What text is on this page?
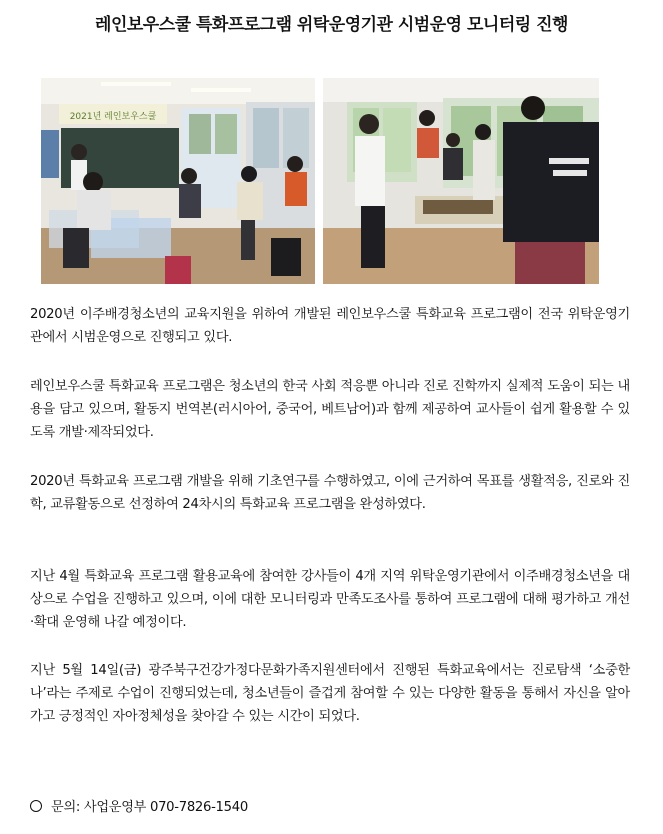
레인보우스쿨 특화프로그램 위탁운영기관 시범운영 모니터링 진행
2021년 레인보우스쿨

2020년 이주배경청소년의 교육지원을 위하여 개발된 레인보우스쿨 특화교육 프로그램이 전국 위탁운영기관에서 시범운영으로 진행되고 있다.

레인보우스쿨 특화교육 프로그램은 청소년의 한국 사회 적응뿐 아니라 진로 진학까지 실제적 도움이 되는 내용을 담고 있으며, 활동지 번역본(러시아어, 중국어, 베트남어)과 함께 제공하여 교사들이 쉽게 활용할 수 있도록 개발·제작되었다.

2020년 특화교육 프로그램 개발을 위해 기초연구를 수행하였고, 이에 근거하여 목표를 생활적응, 진로와 진학, 교류활동으로 선정하여 24차시의 특화교육 프로그램을 완성하였다.

지난 4월 특화교육 프로그램 활용교육에 참여한 강사들이 4개 지역 위탁운영기관에서 이주배경청소년을 대상으로 수업을 진행하고 있으며, 이에 대한 모니터링과 만족도조사를 통하여 프로그램에 대해 평가하고 개선·확대 운영해 나갈 예정이다.

지난 5월 14일(금) 광주북구건강가정다문화가족지원센터에서 진행된 특화교육에서는 진로탐색 ‘소중한 나’라는 주제로 수업이 진행되었는데, 청소년들이 즐겁게 참여할 수 있는 다양한 활동을 통해서 자신을 알아가고 긍정적인 자아정체성을 찾아갈 수 있는 시간이 되었다.

문의: 사업운영부 070-7826-1540
